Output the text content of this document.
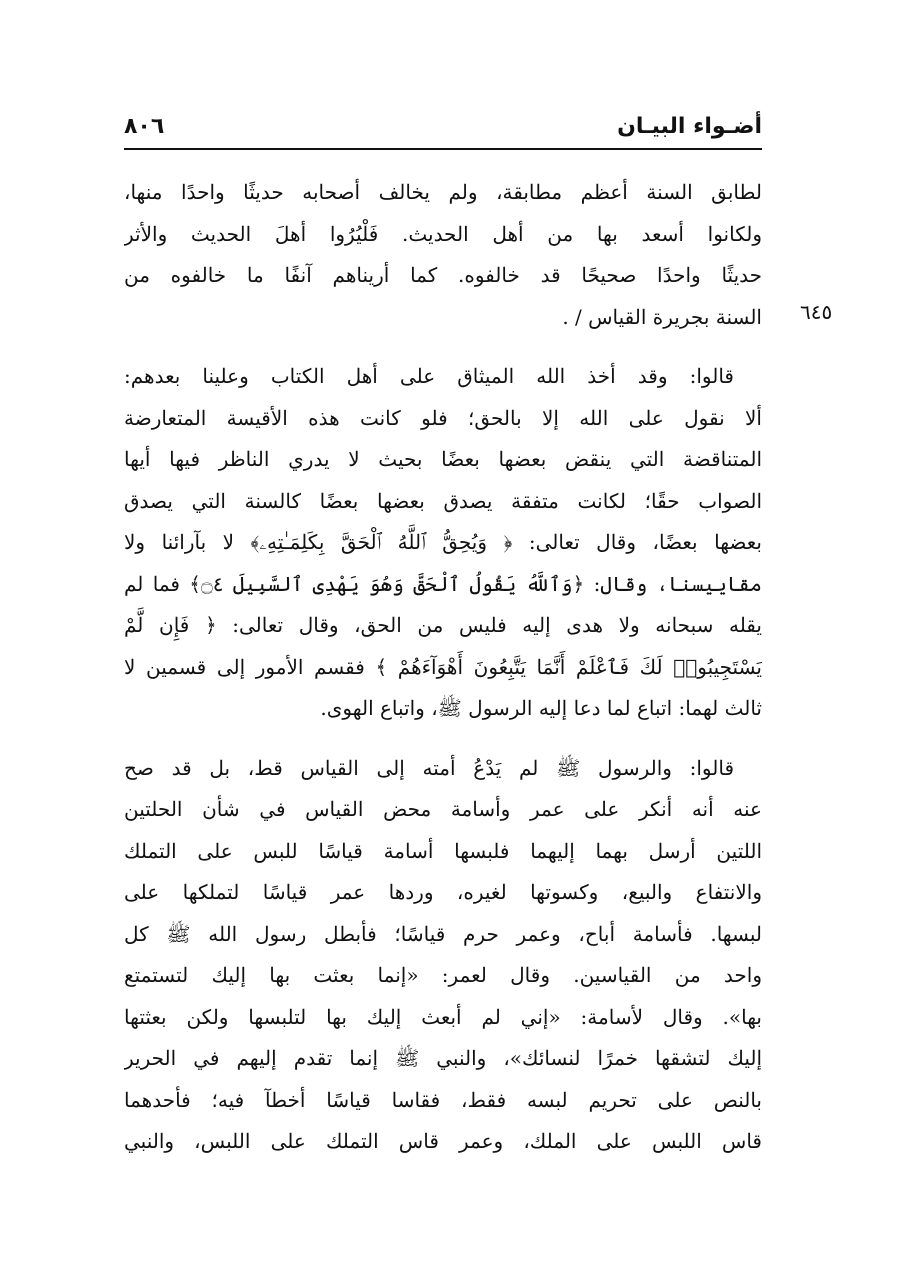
أضـواء البيـان
٨٠٦
٦٤٥
لطابق السنة أعظم مطابقة، ولم يخالف أصحابه حديثًا واحدًا منها،
ولكانوا أسعد بها من أهل الحديث. فَلْيُرُوا أهلَ الحديث والأثر
حديثًا واحدًا صحيحًا قد خالفوه. كما أريناهم آنفًا ما خالفوه من
السنة بجريرة القياس / .
قالوا: وقد أخذ الله الميثاق على أهل الكتاب وعلينا بعدهم:
ألا نقول على الله إلا بالحق؛ فلو كانت هذه الأقيسة المتعارضة
المتناقضة التي ينقض بعضها بعضًا بحيث لا يدري الناظر فيها أيها
الصواب حقًا؛ لكانت متفقة يصدق بعضها بعضًا كالسنة التي يصدق
بعضها بعضًا، وقال تعالى: ﴿ وَيُحِقُّ ٱللَّهُ ٱلْحَقَّ بِكَلِمَـٰتِهِۦ﴾ لا بآرائنا ولا
مقاييسنا، وقال: ﴿وَٱللَّهُ يَقُولُ ٱلْحَقَّ وَهُوَ يَهْدِى ٱلسَّبِيلَ ۝٤﴾ فما لم
يقله سبحانه ولا هدى إليه فليس من الحق، وقال تعالى: ﴿ فَإِن لَّمْ
يَسْتَجِيبُوا۟ لَكَ فَٱعْلَمْ أَنَّمَا يَتَّبِعُونَ أَهْوَآءَهُمْ ﴾ فقسم الأمور إلى قسمين لا
ثالث لهما: اتباع لما دعا إليه الرسول ﷺ، واتباع الهوى.
قالوا: والرسول ﷺ لم يَدْعُ أمته إلى القياس قط، بل قد صح
عنه أنه أنكر على عمر وأسامة محض القياس في شأن الحلتين
اللتين أرسل بهما إليهما فلبسها أسامة قياسًا للبس على التملك
والانتفاع والبيع، وكسوتها لغيره، وردها عمر قياسًا لتملكها على
لبسها. فأسامة أباح، وعمر حرم قياسًا؛ فأبطل رسول الله ﷺ كل
واحد من القياسين. وقال لعمر: «إنما بعثت بها إليك لتستمتع
بها». وقال لأسامة: «إني لم أبعث إليك بها لتلبسها ولكن بعثتها
إليك لتشقها خمرًا لنسائك»، والنبي ﷺ إنما تقدم إليهم في الحرير
بالنص على تحريم لبسه فقط، فقاسا قياسًا أخطآ فيه؛ فأحدهما
قاس اللبس على الملك، وعمر قاس التملك على اللبس، والنبي
